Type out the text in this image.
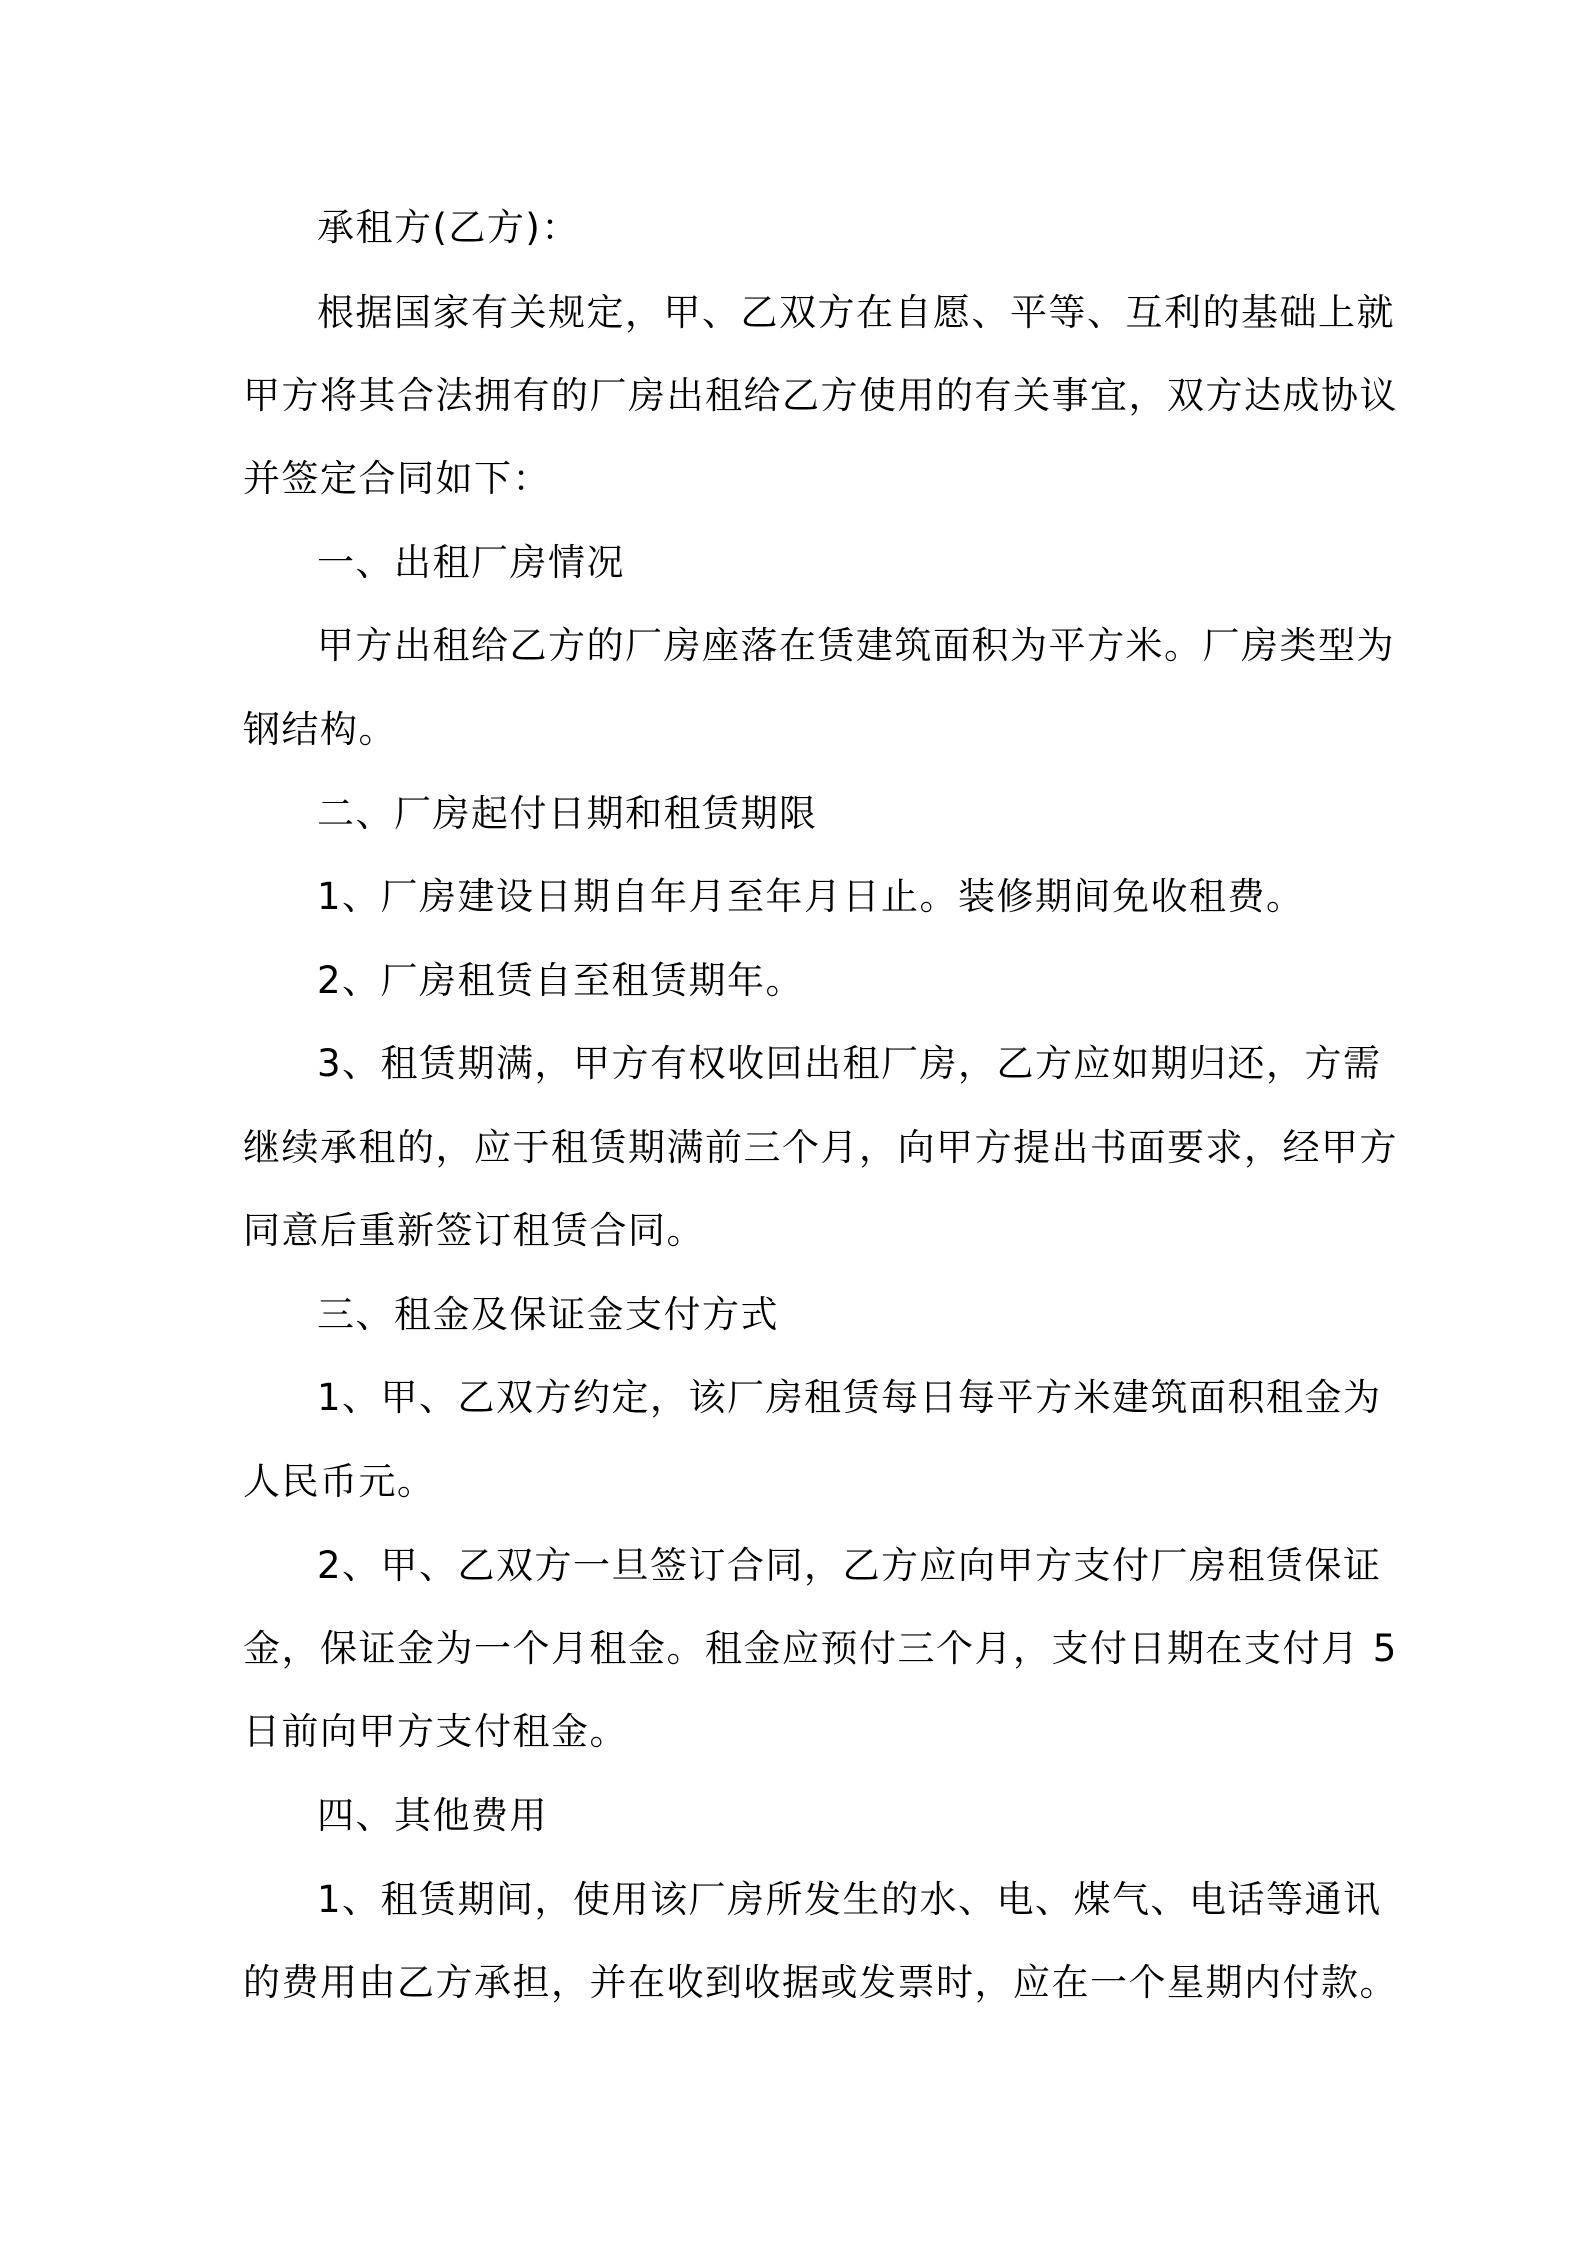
承租方(乙方)：
根据国家有关规定，甲、乙双方在自愿、平等、互利的基础上就
甲方将其合法拥有的厂房出租给乙方使用的有关事宜，双方达成协议
并签定合同如下：
一、出租厂房情况
甲方出租给乙方的厂房座落在赁建筑面积为平方米。厂房类型为
钢结构。
二、厂房起付日期和租赁期限
1、厂房建设日期自年月至年月日止。装修期间免收租费。
2、厂房租赁自至租赁期年。
3、租赁期满，甲方有权收回出租厂房，乙方应如期归还，方需
继续承租的，应于租赁期满前三个月，向甲方提出书面要求，经甲方
同意后重新签订租赁合同。
三、租金及保证金支付方式
1、甲、乙双方约定，该厂房租赁每日每平方米建筑面积租金为
人民币元。
2、甲、乙双方一旦签订合同，乙方应向甲方支付厂房租赁保证
金，保证金为一个月租金。租金应预付三个月，支付日期在支付月 5
日前向甲方支付租金。
四、其他费用
1、租赁期间，使用该厂房所发生的水、电、煤气、电话等通讯
的费用由乙方承担，并在收到收据或发票时，应在一个星期内付款。
